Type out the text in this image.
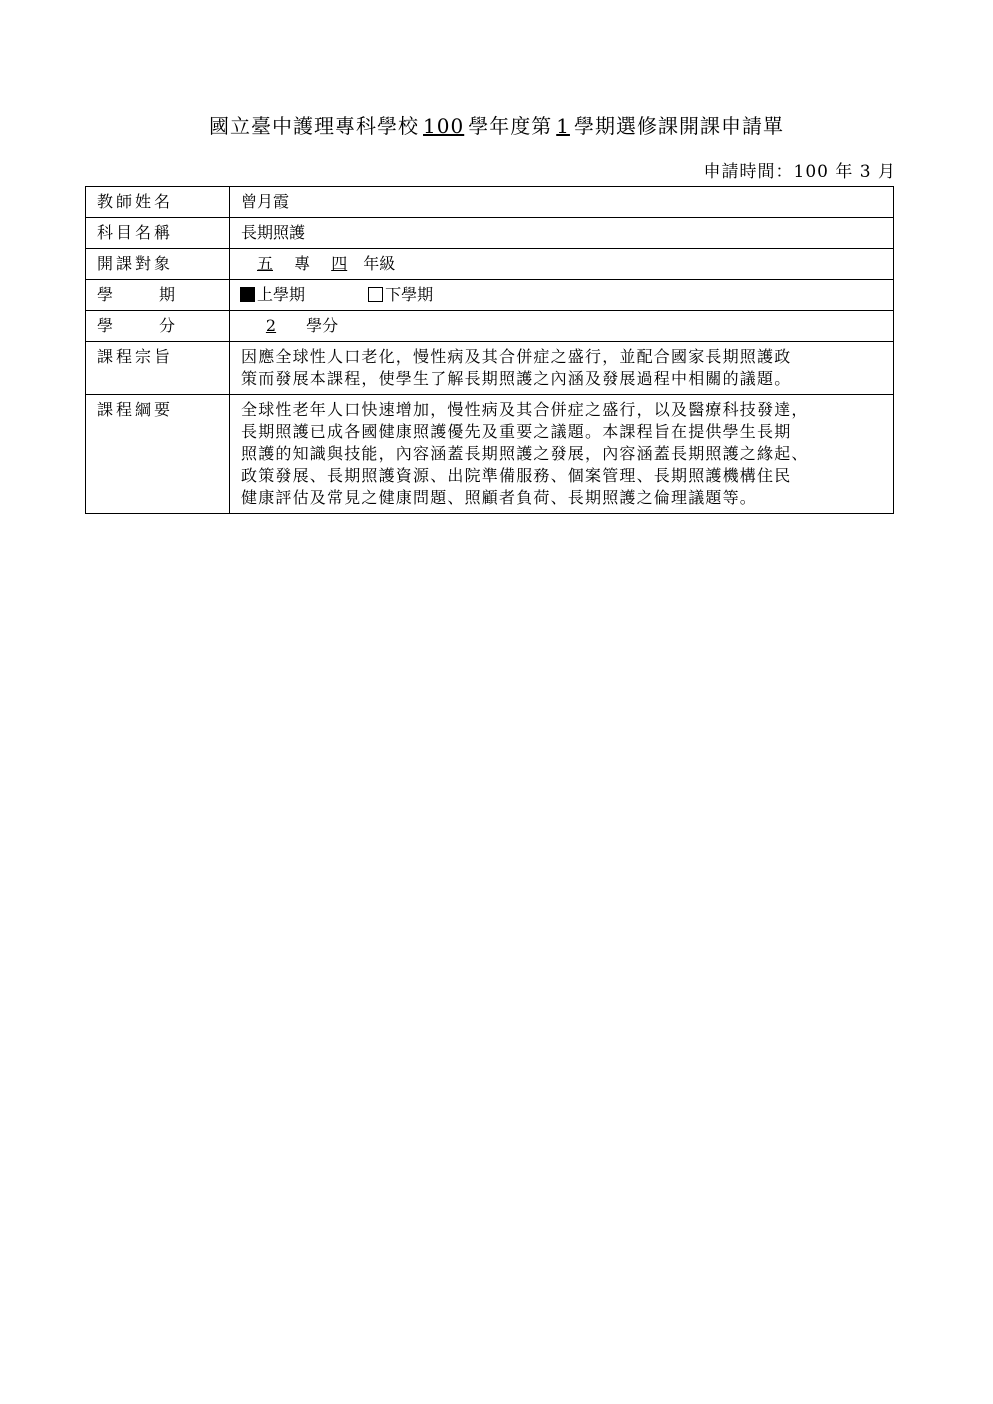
國立臺中護理專科學校 100 學年度第 1 學期選修課開課申請單
申請時間：100 年 3 月
教師姓名	曾月霞
科目名稱	長期照護
開課對象	五 專 四 年級

學 期	上學期 下學期

學 分	2 學分
課程宗旨	因應全球性人口老化，慢性病及其合併症之盛行，並配合國家長期照護政
策而發展本課程，使學生了解長期照護之內涵及發展過程中相關的議題。

課程綱要	全球性老年人口快速增加，慢性病及其合併症之盛行，以及醫療科技發達，
長期照護已成各國健康照護優先及重要之議題。本課程旨在提供學生長期
照護的知識與技能，內容涵蓋長期照護之發展，內容涵蓋長期照護之緣起、
政策發展、長期照護資源、出院準備服務、個案管理、長期照護機構住民
健康評估及常見之健康問題、照顧者負荷、長期照護之倫理議題等。
